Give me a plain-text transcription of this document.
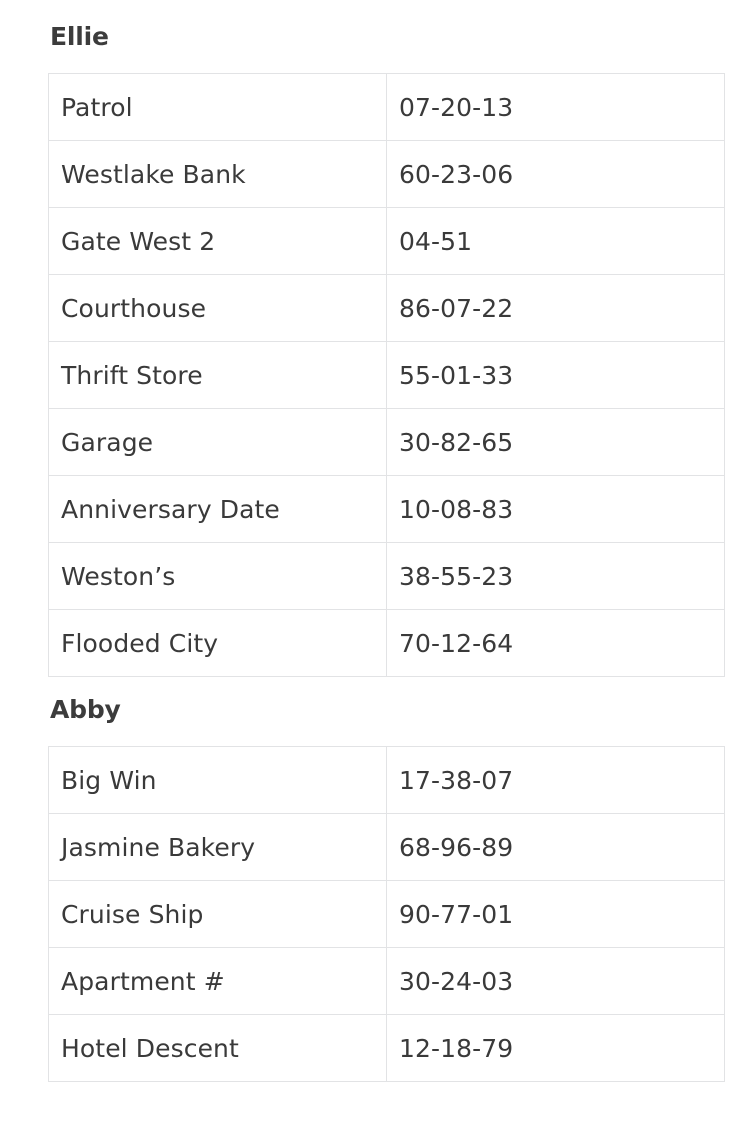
Ellie
Patrol	07-20-13
Westlake Bank	60-23-06
Gate West 2	04-51
Courthouse	86-07-22
Thrift Store	55-01-33
Garage	30-82-65
Anniversary Date	10-08-83
Weston’s	38-55-23
Flooded City	70-12-64
Abby
Big Win	17-38-07
Jasmine Bakery	68-96-89
Cruise Ship	90-77-01
Apartment #	30-24-03
Hotel Descent	12-18-79
